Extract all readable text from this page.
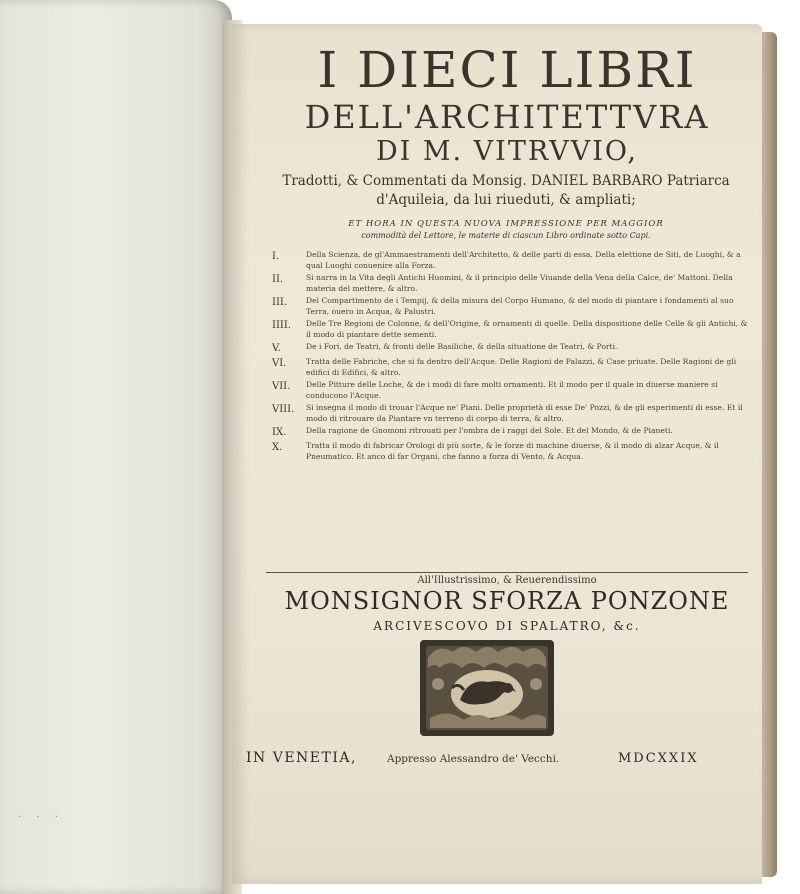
· · ·
I DIECI LIBRI
DELL'ARCHITETTVRA
DI M. VITRVVIO,
Tradotti, & Commentati da Monsig. DANIEL BARBARO Patriarca d'Aquileia, da lui riueduti, & ampliati;
ET HORA IN QUESTA NUOVA IMPRESSIONE PER MAGGIOR
commodità del Lettore, le materie di ciascun Libro ordinate sotto Capi.
I.	Della Scienza, de gl'Ammaestramenti dell'Architetto, & delle parti di essa. Della elettione de Siti, de Luoghi, & a qual Luoghi conuenire alla Forza.
II.	Si narra in la Vita degli Antichi Huomini, & il principio delle Viuande della Vena della Calce, de' Mattoni. Della materia del mettere, & altro.
III.	Del Compartimento de i Tempij, & della misura del Corpo Humano, & del modo di piantare i fondamenti al suo Terra, ouero in Acqua, & Palustri.
IIII.	Delle Tre Regioni de Colonne, & dell'Origine, & ornamenti di quelle. Della dispositione delle Celle & gli Antichi, & il modo di piantare dette sementi.
V.	De i Fori, de Teatri, & fronti delle Basiliche, & della situatione de Teatri, & Porti.
VI.	Tratta delle Fabriche, che si fa dentro dell'Acque. Delle Ragioni de Palazzi, & Case priuate. Delle Ragioni de gli edifici di Edifici, & altro.
VII.	Delle Pitture delle Loche, & de i modi di fare molti ornamenti. Et il modo per il quale in diuerse maniere si conducono l'Acque.
VIII.	Si insegna il modo di trouar l'Acque ne' Piani. Delle proprietà di esse De' Pozzi, & de gli esperimenti di esse. Et il modo di ritrouare da Piantare vn terreno di corpo di terra, & altro.
IX.	Della ragione de Gnomoni ritrouati per l'ombra de i raggi del Sole. Et del Mondo, & de Pianeti.
X.	Tratta il modo di fabricar Orologi di più sorte, & le forze di machine diuerse, & il modo di alzar Acque, & il Pneumatico. Et anco di far Organi, che fanno a forza di Vento, & Acqua.
All'Illustrissimo, & Reuerendissimo
MONSIGNOR SFORZA PONZONE
ARCIVESCOVO DI SPALATRO, &c.
IN VENETIA,	Appresso Alessandro de' Vecchi.	MDCXXIX
